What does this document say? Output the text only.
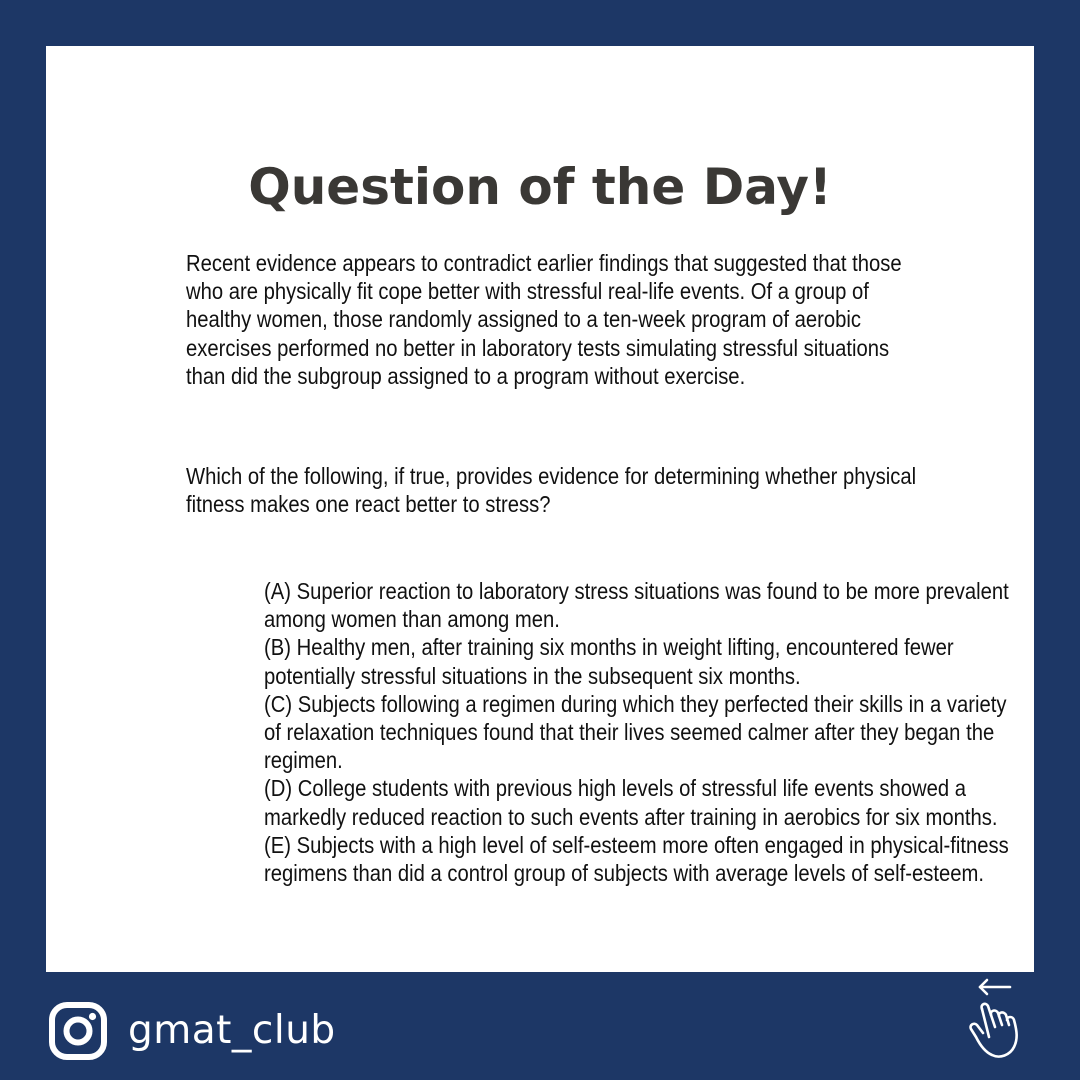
Question of the Day!

Recent evidence appears to contradict earlier findings that suggested that those who are physically fit cope better with stressful real-life events. Of a group of healthy women, those randomly assigned to a ten-week program of aerobic exercises performed no better in laboratory tests simulating stressful situations than did the subgroup assigned to a program without exercise.

Which of the following, if true, provides evidence for determining whether physical fitness makes one react better to stress?

(A) Superior reaction to laboratory stress situations was found to be more prevalent among women than among men.
(B) Healthy men, after training six months in weight lifting, encountered fewer potentially stressful situations in the subsequent six months.
(C) Subjects following a regimen during which they perfected their skills in a variety of relaxation techniques found that their lives seemed calmer after they began the regimen.
(D) College students with previous high levels of stressful life events showed a markedly reduced reaction to such events after training in aerobics for six months.
(E) Subjects with a high level of self-esteem more often engaged in physical-fitness regimens than did a control group of subjects with average levels of self-esteem.
gmat_club
